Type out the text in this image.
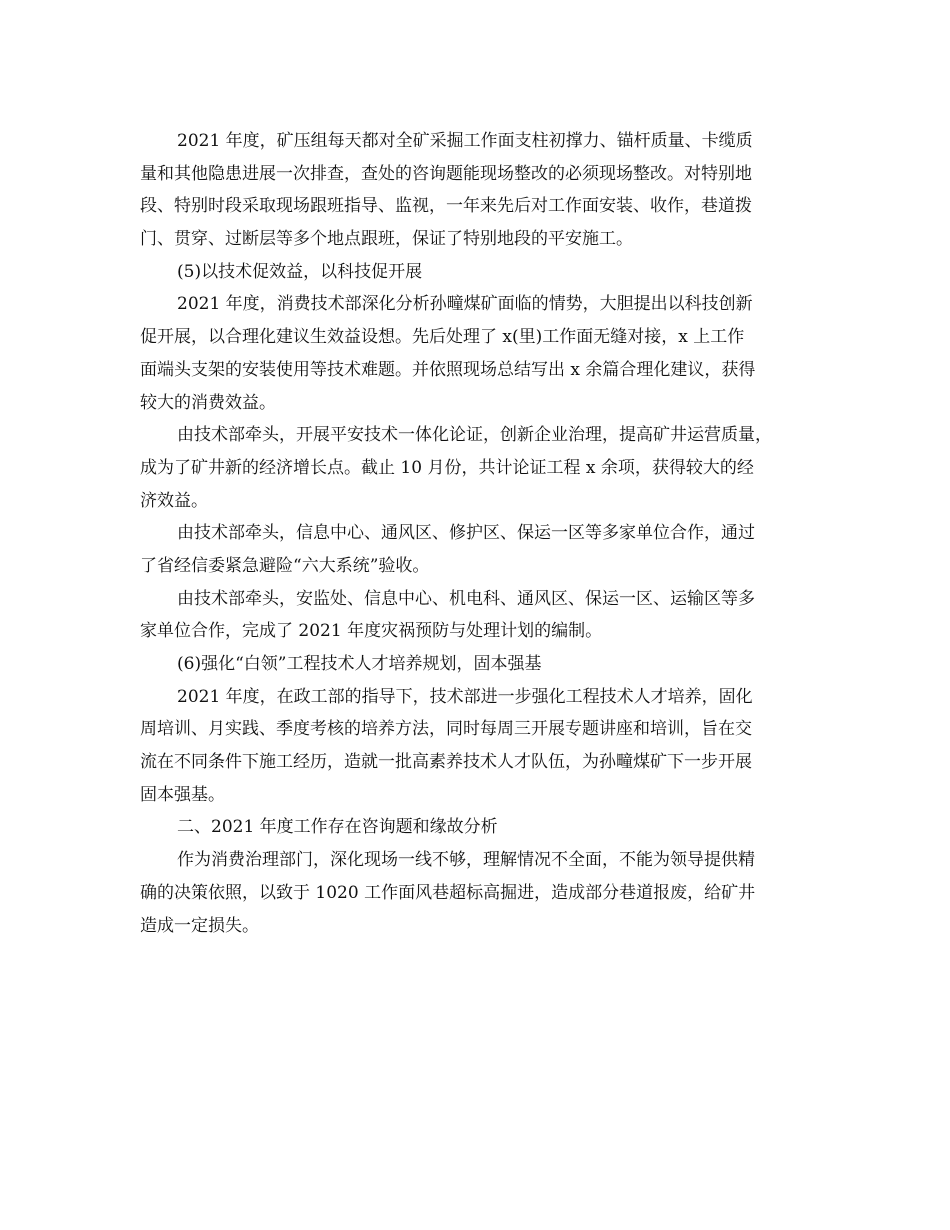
2021 年度，矿压组每天都对全矿采掘工作面支柱初撑力、锚杆质量、卡缆质
量和其他隐患进展一次排查，查处的咨询题能现场整改的必须现场整改。对特别地
段、特别时段采取现场跟班指导、监视，一年来先后对工作面安装、收作，巷道拨
门、贯穿、过断层等多个地点跟班，保证了特别地段的平安施工。
(5)以技术促效益，以科技促开展
2021 年度，消费技术部深化分析孙疃煤矿面临的情势，大胆提出以科技创新
促开展，以合理化建议生效益设想。先后处理了 x(里)工作面无缝对接，x 上工作
面端头支架的安装使用等技术难题。并依照现场总结写出 x 余篇合理化建议，获得
较大的消费效益。
由技术部牵头，开展平安技术一体化论证，创新企业治理，提高矿井运营质量，
成为了矿井新的经济增长点。截止 10 月份，共计论证工程 x 余项，获得较大的经
济效益。
由技术部牵头，信息中心、通风区、修护区、保运一区等多家单位合作，通过
了省经信委紧急避险“六大系统”验收。
由技术部牵头，安监处、信息中心、机电科、通风区、保运一区、运输区等多
家单位合作，完成了 2021 年度灾祸预防与处理计划的编制。
(6)强化“白领”工程技术人才培养规划，固本强基
2021 年度，在政工部的指导下，技术部进一步强化工程技术人才培养，固化
周培训、月实践、季度考核的培养方法，同时每周三开展专题讲座和培训，旨在交
流在不同条件下施工经历，造就一批高素养技术人才队伍，为孙疃煤矿下一步开展
固本强基。
二、2021 年度工作存在咨询题和缘故分析
作为消费治理部门，深化现场一线不够，理解情况不全面，不能为领导提供精
确的决策依照，以致于 1020 工作面风巷超标高掘进，造成部分巷道报废，给矿井
造成一定损失。
